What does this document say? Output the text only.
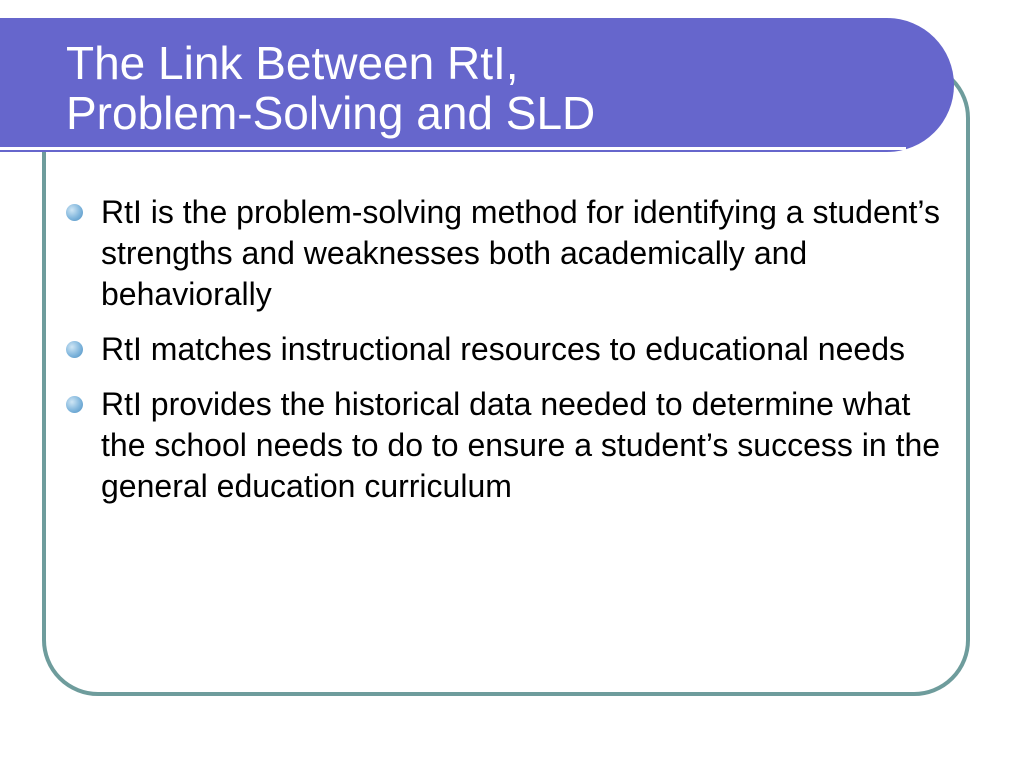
The Link Between RtI,
Problem-Solving and SLD
RtI is the problem-solving method for identifying a student’s strengths and weaknesses both academically and behaviorally
RtI matches instructional resources to educational needs
RtI provides the historical data needed to determine what the school needs to do to ensure a student’s success in the general education curriculum
